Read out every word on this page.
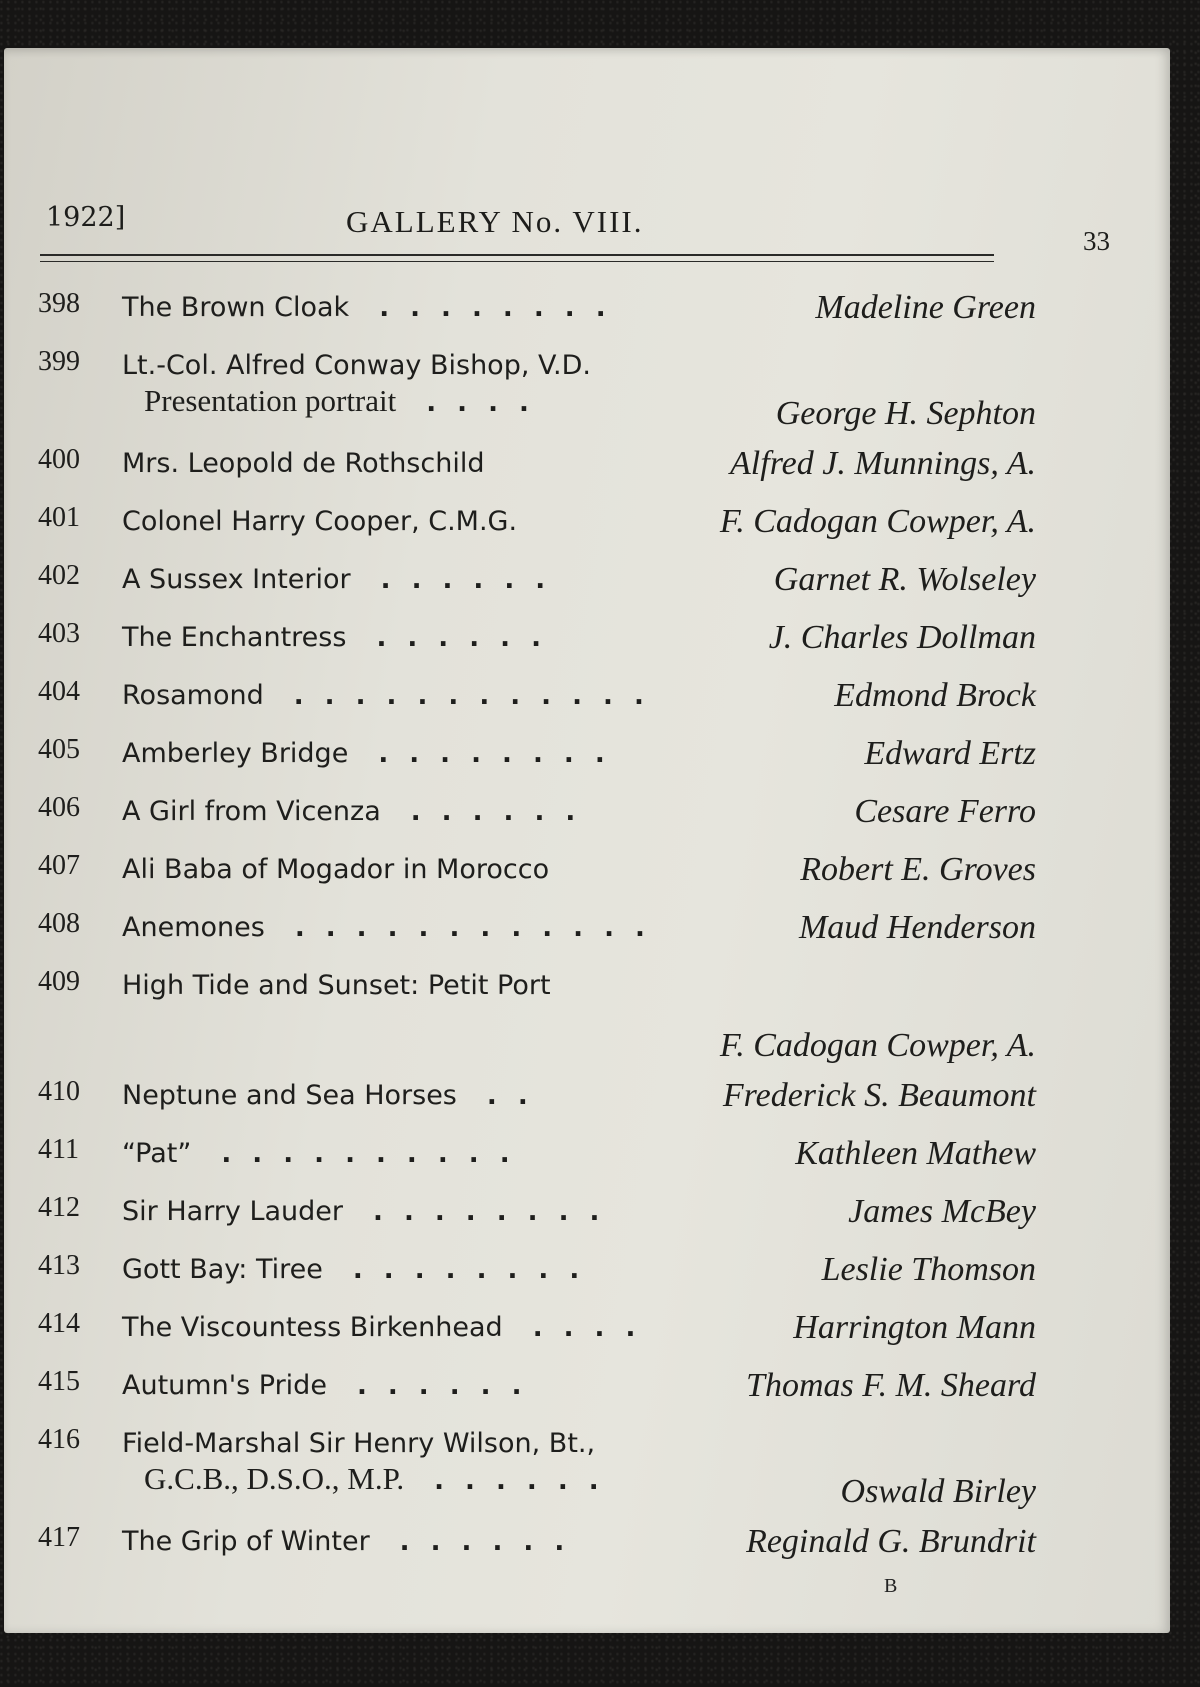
1922]	GALLERY No. VIII.
33
398	The Brown Cloak . . . . . . . .	Madeline Green
399	Lt.-Col. Alfred Conway Bishop, V.D.
Presentation portrait . . . .	George H. Sephton
400	Mrs. Leopold de Rothschild	Alfred J. Munnings, A.
401	Colonel Harry Cooper, C.M.G.	F. Cadogan Cowper, A.
402	A Sussex Interior . . . . . .	Garnet R. Wolseley
403	The Enchantress . . . . . .	J. Charles Dollman
404	Rosamond . . . . . . . . . . . .	Edmond Brock
405	Amberley Bridge . . . . . . . .	Edward Ertz
406	A Girl from Vicenza . . . . . .	Cesare Ferro
407	Ali Baba of Mogador in Morocco	Robert E. Groves
408	Anemones . . . . . . . . . . . .	Maud Henderson
409	High Tide and Sunset: Petit Port
F. Cadogan Cowper, A.
410	Neptune and Sea Horses . .	Frederick S. Beaumont
411	“Pat” . . . . . . . . . .	Kathleen Mathew
412	Sir Harry Lauder . . . . . . . .	James McBey
413	Gott Bay: Tiree . . . . . . . .	Leslie Thomson
414	The Viscountess Birkenhead . . . .	Harrington Mann
415	Autumn's Pride . . . . . .	Thomas F. M. Sheard
416	Field-Marshal Sir Henry Wilson, Bt.,
G.C.B., D.S.O., M.P. . . . . . .	Oswald Birley
417	The Grip of Winter . . . . . .	Reginald G. Brundrit
B
